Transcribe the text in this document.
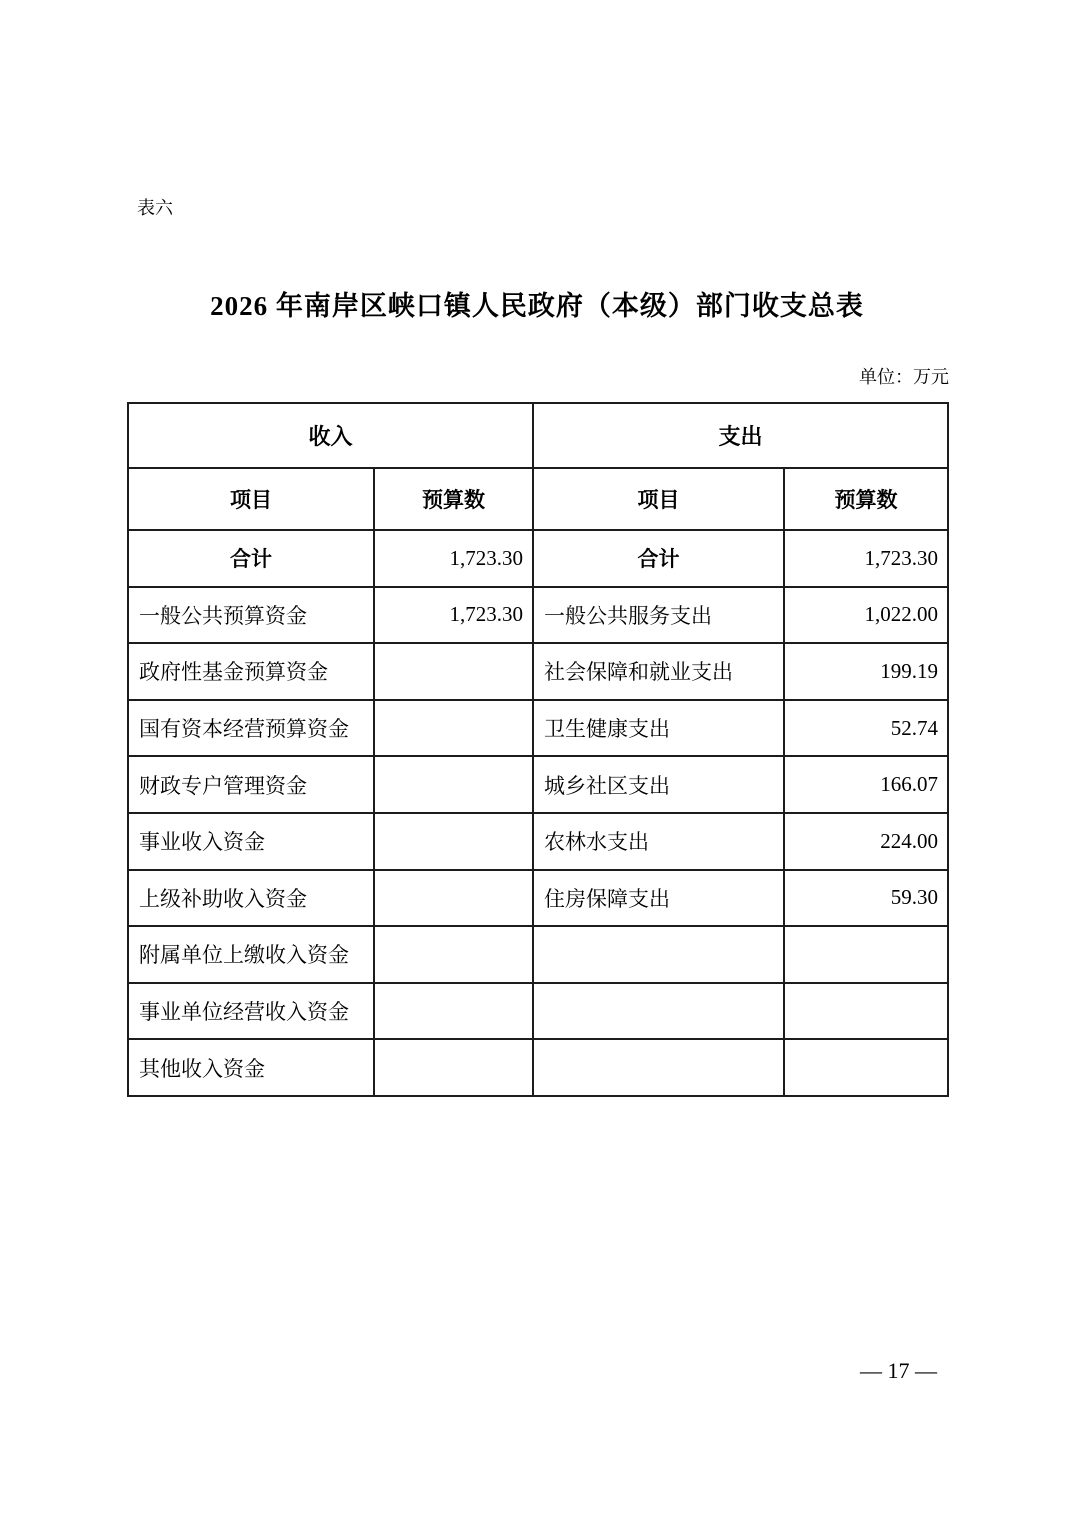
表六
2026 年南岸区峡口镇人民政府（本级）部门收支总表
单位：万元
收入		支出	
项目	预算数	项目	预算数
合计	1,723.30	合计	1,723.30
一般公共预算资金	1,723.30	一般公共服务支出	1,022.00
政府性基金预算资金		社会保障和就业支出	199.19
国有资本经营预算资金		卫生健康支出	52.74
财政专户管理资金		城乡社区支出	166.07
事业收入资金		农林水支出	224.00
上级补助收入资金		住房保障支出	59.30
附属单位上缴收入资金			
事业单位经营收入资金			
其他收入资金			
— 17 —
